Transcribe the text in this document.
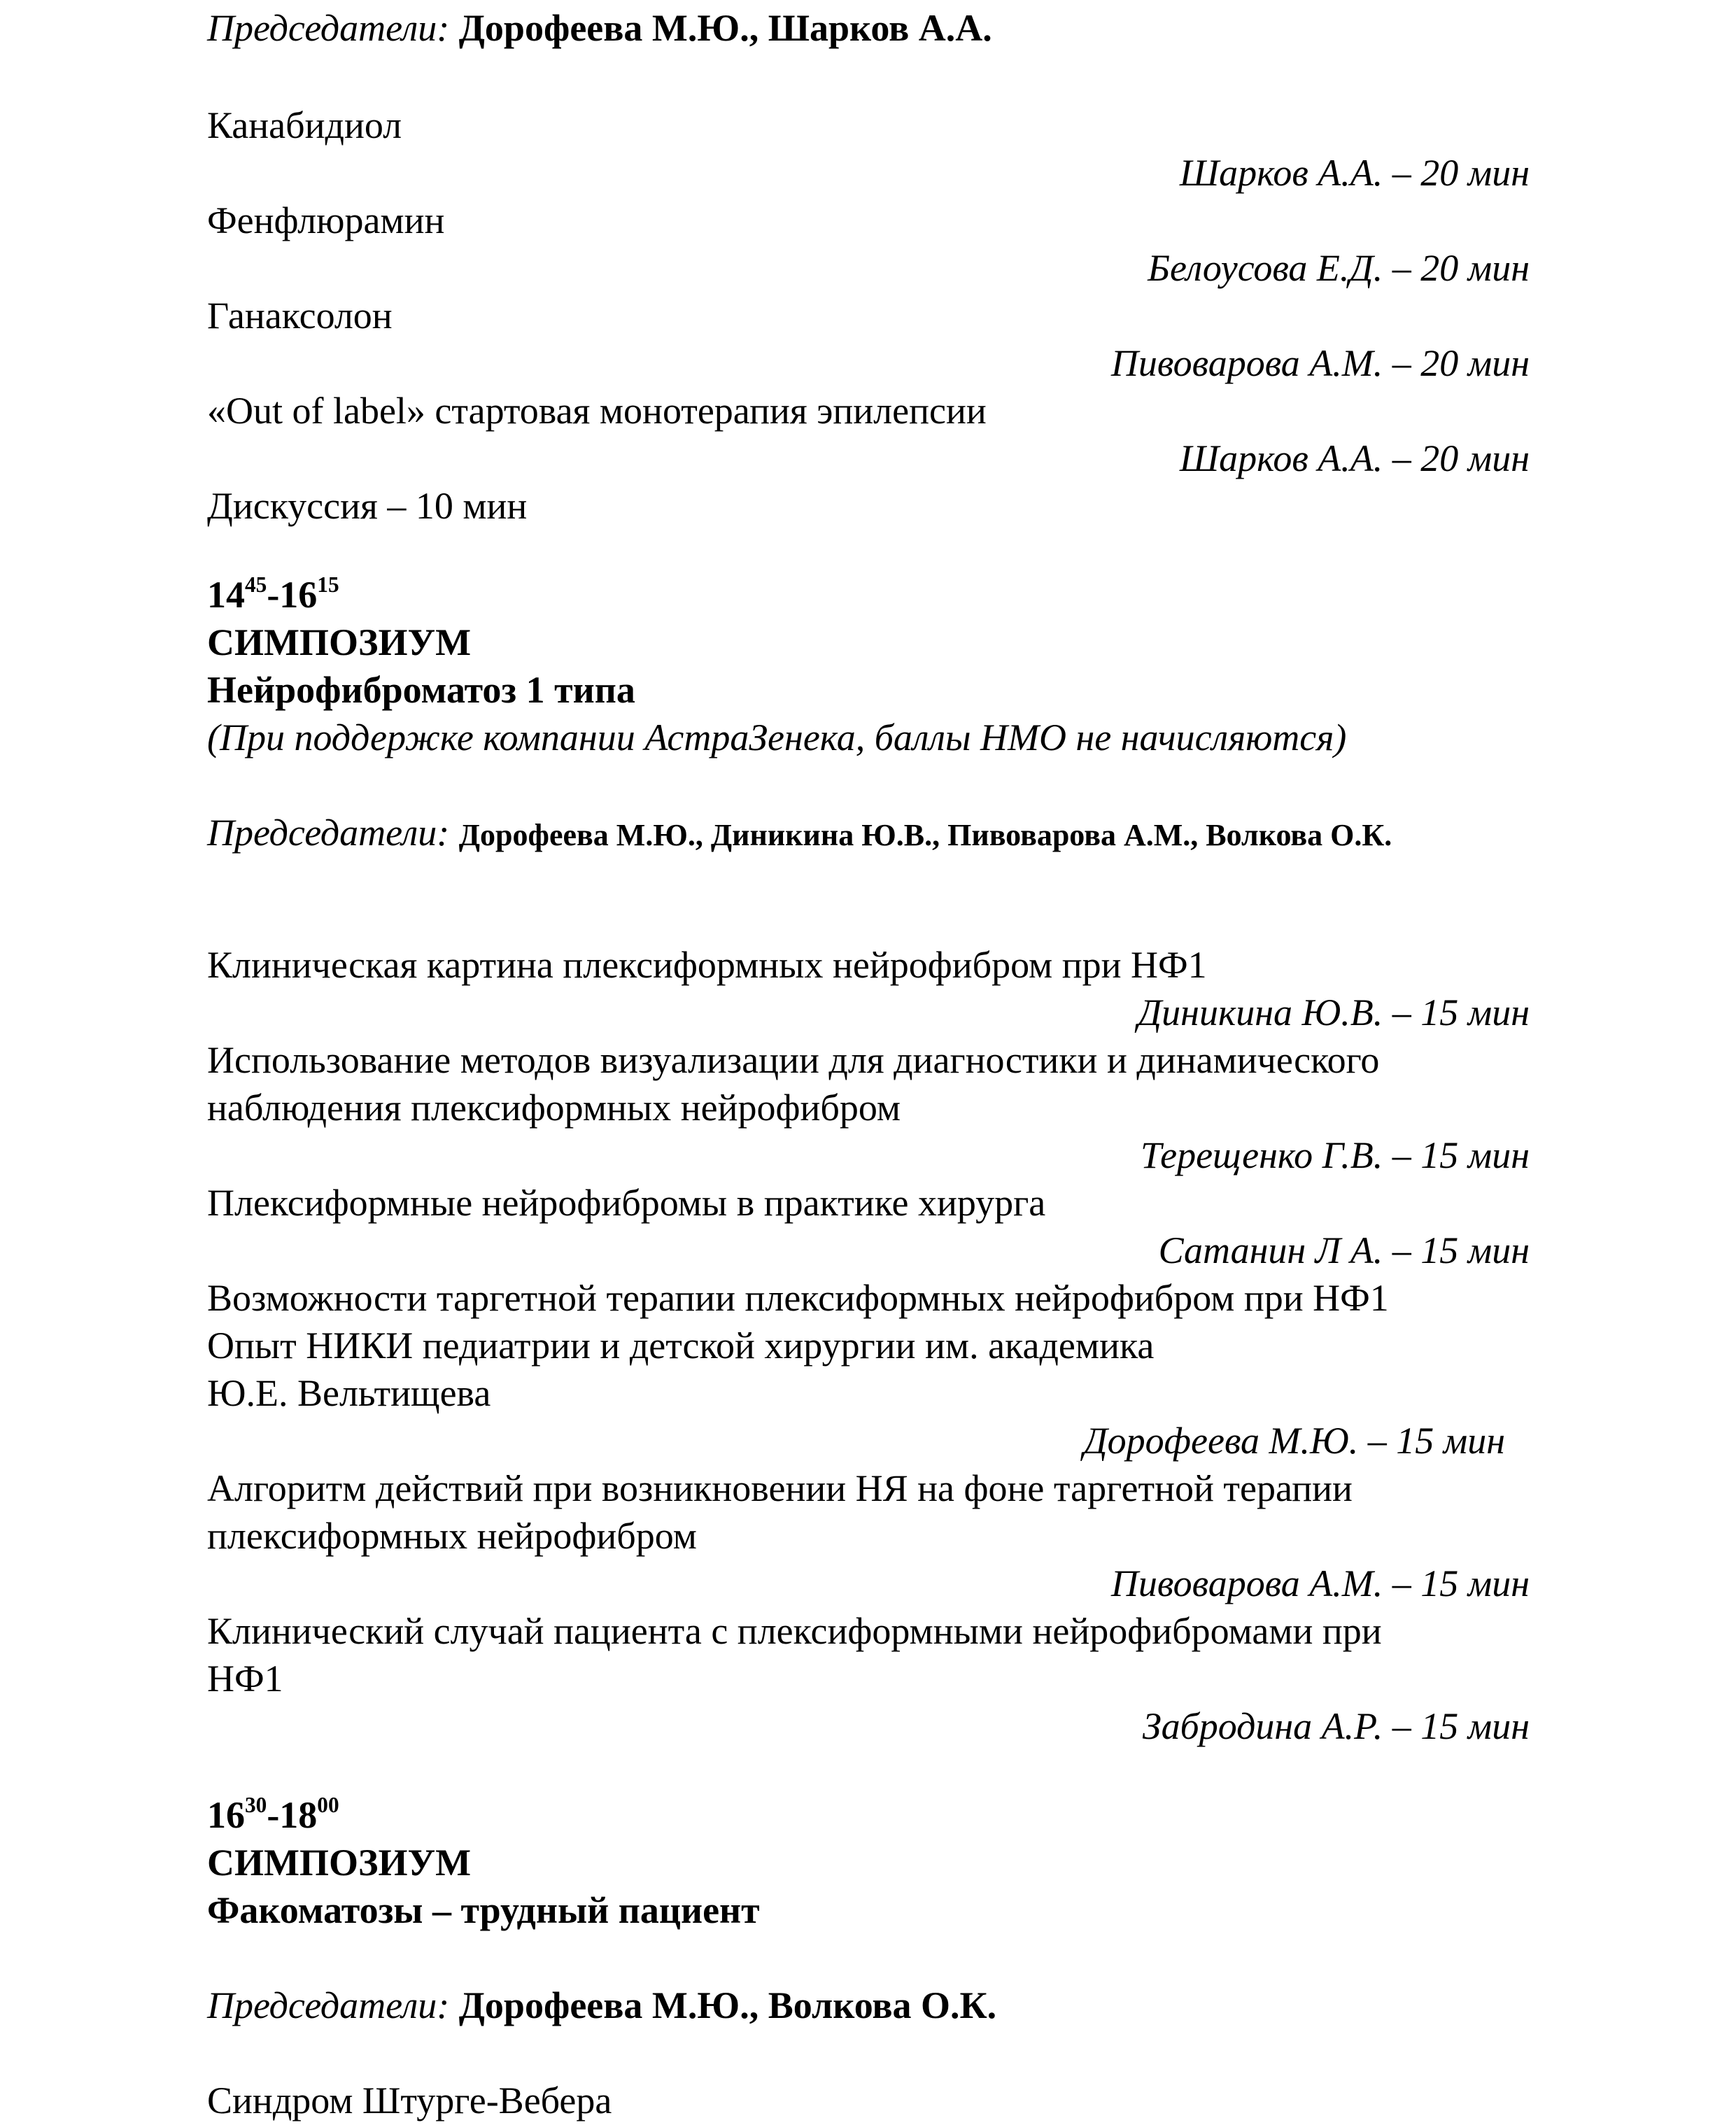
Председатели: Дорофеева М.Ю., Шарков А.А.

Канабидиол

Шарков А.А. – 20 мин

Фенфлюрамин

Белоусова Е.Д. – 20 мин

Ганаксолон

Пивоварова А.М. – 20 мин

«Out of label» стартовая монотерапия эпилепсии

Шарков А.А. – 20 мин

Дискуссия – 10 мин

$14^{45}-16^{15}$

СИМПОЗИУМ

Нейрофиброматоз 1 типа

(При поддержке компании АстраЗенека, баллы НМО не начисляются)

Председатели: Дорофеева М.Ю., Диникина Ю.В., Пивоварова А.М., Волкова О.К.

Клиническая картина плексиформных нейрофибром при НФ1

Диникина Ю.В. – 15 мин

Использование методов визуализации для диагностики и динамического

наблюдения плексиформных нейрофибром

Терещенко Г.В. – 15 мин

Плексиформные нейрофибромы в практике хирурга

Сатанин Л А. – 15 мин

Возможности таргетной терапии плексиформных нейрофибром при НФ1

Опыт НИКИ педиатрии и детской хирургии им. академика

Ю.Е. Вельтищева

Дорофеева М.Ю. – 15 мин

Алгоритм действий при возникновении НЯ на фоне таргетной терапии

плексиформных нейрофибром

Пивоварова А.М. – 15 мин

Клинический случай пациента с плексиформными нейрофибромами при

НФ1

Забродина А.Р. – 15 мин

$16^{30}-18^{00}$

СИМПОЗИУМ

Факоматозы – трудный пациент

Председатели: Дорофеева М.Ю., Волкова О.К.

Синдром Штурге-Вебера
